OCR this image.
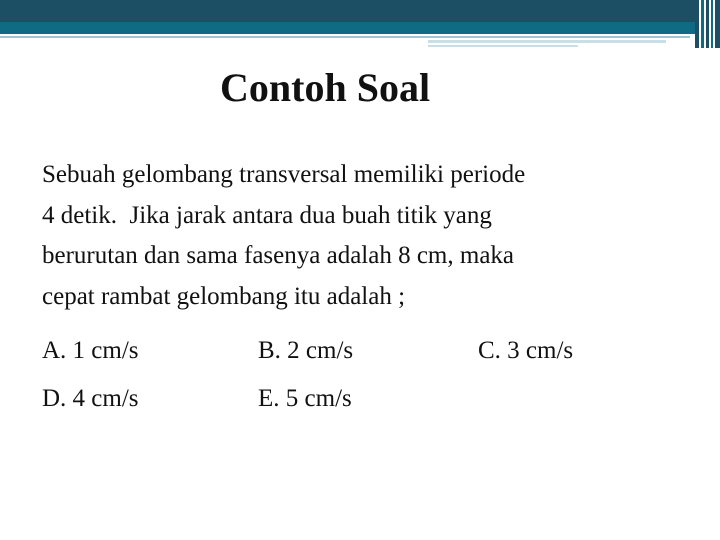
Contoh Soal
Sebuah gelombang transversal memiliki periode
4 detik.  Jika jarak antara dua buah titik yang
berurutan dan sama fasenya adalah 8 cm, maka
cepat rambat gelombang itu adalah ;
A. 1 cm/s	B. 2 cm/s	C. 3 cm/s
D. 4 cm/s	E. 5 cm/s
